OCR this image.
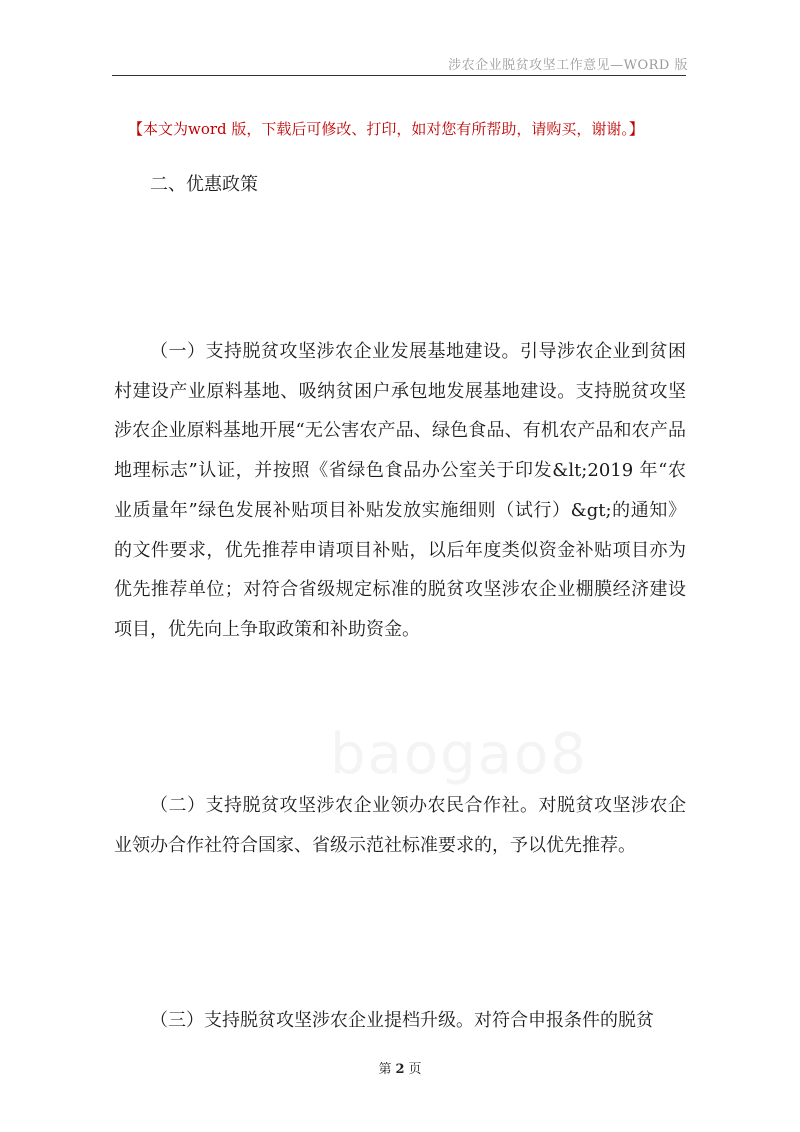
涉农企业脱贫攻坚工作意见—WORD 版
【本文为word 版，下载后可修改、打印，如对您有所帮助，请购买，谢谢。】
二、优惠政策

（一）支持脱贫攻坚涉农企业发展基地建设。引导涉农企业到贫困村建设产业原料基地、吸纳贫困户承包地发展基地建设。支持脱贫攻坚涉农企业原料基地开展“无公害农产品、绿色食品、有机农产品和农产品地理标志”认证，并按照《省绿色食品办公室关于印发&lt;2019 年“农业质量年”绿色发展补贴项目补贴发放实施细则（试行）&gt;的通知》的文件要求，优先推荐申请项目补贴，以后年度类似资金补贴项目亦为优先推荐单位；对符合省级规定标准的脱贫攻坚涉农企业棚膜经济建设项目，优先向上争取政策和补助资金。

baogao8

（二）支持脱贫攻坚涉农企业领办农民合作社。对脱贫攻坚涉农企业领办合作社符合国家、省级示范社标准要求的，予以优先推荐。

（三）支持脱贫攻坚涉农企业提档升级。对符合申报条件的脱贫

第 2 页
